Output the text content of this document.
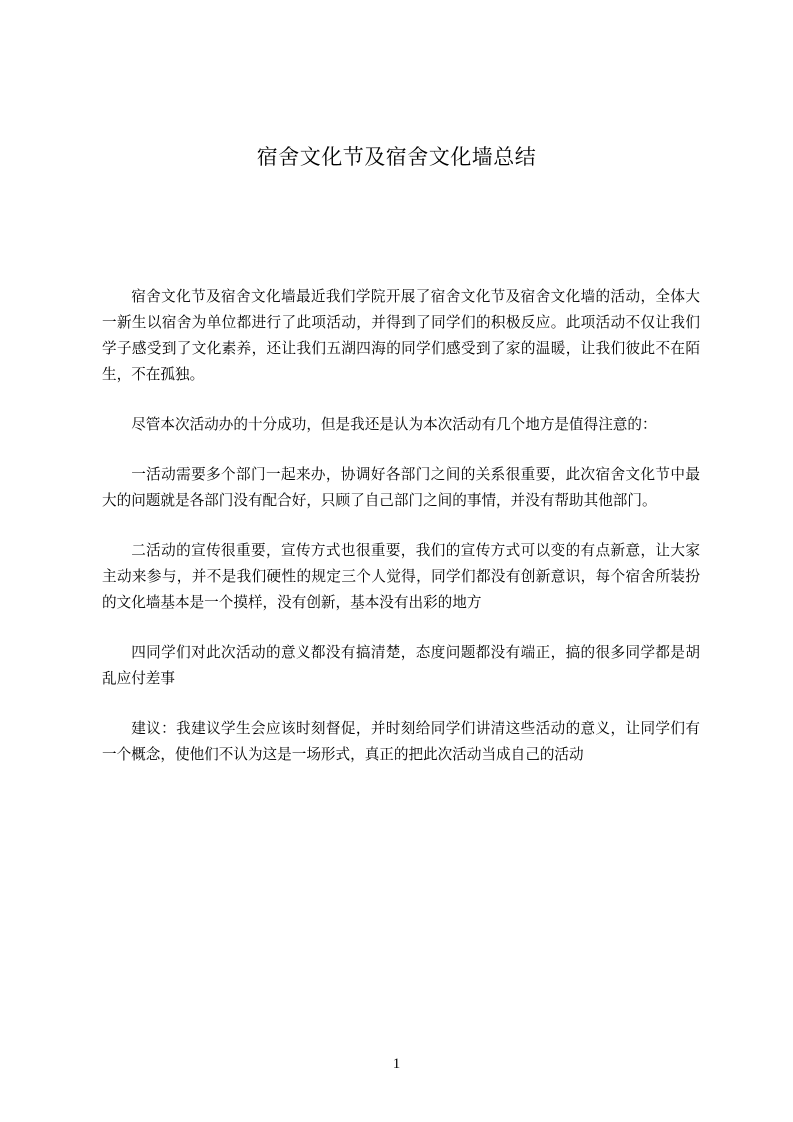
宿舍文化节及宿舍文化墙总结

宿舍文化节及宿舍文化墙最近我们学院开展了宿舍文化节及宿舍文化墙的活动，全体大一新生以宿舍为单位都进行了此项活动，并得到了同学们的积极反应。此项活动不仅让我们学子感受到了文化素养，还让我们五湖四海的同学们感受到了家的温暖，让我们彼此不在陌生，不在孤独。

尽管本次活动办的十分成功，但是我还是认为本次活动有几个地方是值得注意的：

一活动需要多个部门一起来办，协调好各部门之间的关系很重要，此次宿舍文化节中最大的问题就是各部门没有配合好，只顾了自己部门之间的事情，并没有帮助其他部门。

二活动的宣传很重要，宣传方式也很重要，我们的宣传方式可以变的有点新意，让大家主动来参与，并不是我们硬性的规定三个人觉得，同学们都没有创新意识，每个宿舍所装扮的文化墙基本是一个摸样，没有创新，基本没有出彩的地方

四同学们对此次活动的意义都没有搞清楚，态度问题都没有端正，搞的很多同学都是胡乱应付差事

建议：我建议学生会应该时刻督促，并时刻给同学们讲清这些活动的意义，让同学们有一个概念，使他们不认为这是一场形式，真正的把此次活动当成自己的活动

1
